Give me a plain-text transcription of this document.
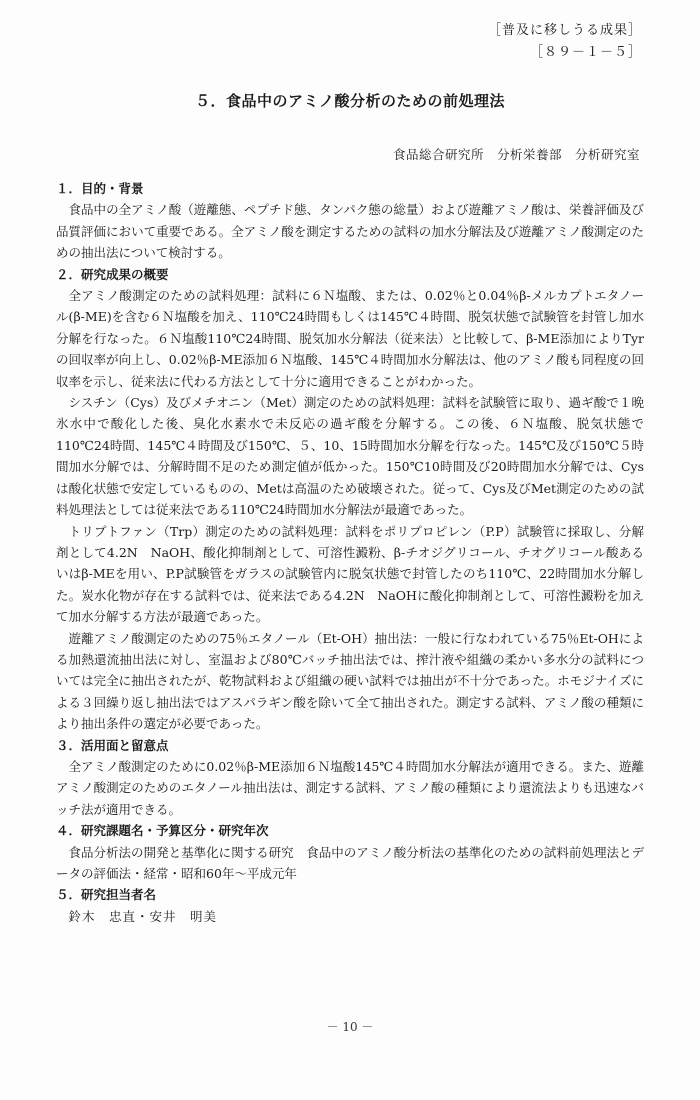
［普及に移しうる成果］
［８９－１－５］
５．食品中のアミノ酸分析のための前処理法
食品総合研究所　分析栄養部　分析研究室
１．目的・背景

食品中の全アミノ酸（遊離態、ペプチド態、タンパク態の総量）および遊離アミノ酸は、栄養評価及び品質評価において重要である。全アミノ酸を測定するための試料の加水分解法及び遊離アミノ酸測定のための抽出法について検討する。

２．研究成果の概要

全アミノ酸測定のための試料処理：試料に６Ｎ塩酸、または、0.02％と0.04％β-メルカプトエタノール(β-ME)を含む６Ｎ塩酸を加え、110℃24時間もしくは145℃４時間、脱気状態で試験管を封管し加水分解を行なった。６Ｎ塩酸110℃24時間、脱気加水分解法（従来法）と比較して、β-ME添加によりTyrの回収率が向上し、0.02％β-ME添加６Ｎ塩酸、145℃４時間加水分解法は、他のアミノ酸も同程度の回収率を示し、従来法に代わる方法として十分に適用できることがわかった。

シスチン（Cys）及びメチオニン（Met）測定のための試料処理：試料を試験管に取り、過ギ酸で１晩氷水中で酸化した後、臭化水素水で未反応の過ギ酸を分解する。この後、６Ｎ塩酸、脱気状態で110℃24時間、145℃４時間及び150℃、５、10、15時間加水分解を行なった。145℃及び150℃５時間加水分解では、分解時間不足のため測定値が低かった。150℃10時間及び20時間加水分解では、Cysは酸化状態で安定しているものの、Metは高温のため破壊された。従って、Cys及びMet測定のための試料処理法としては従来法である110℃24時間加水分解法が最適であった。

トリプトファン（Trp）測定のための試料処理：試料をポリプロピレン（P.P）試験管に採取し、分解剤として4.2N　NaOH、酸化抑制剤として、可溶性澱粉、β-チオジグリコール、チオグリコール酸あるいはβ-MEを用い、P.P試験管をガラスの試験管内に脱気状態で封管したのち110℃、22時間加水分解した。炭水化物が存在する試料では、従来法である4.2N　NaOHに酸化抑制剤として、可溶性澱粉を加えて加水分解する方法が最適であった。

遊離アミノ酸測定のための75％エタノール（Et-OH）抽出法：一般に行なわれている75％Et-OHによる加熱還流抽出法に対し、室温および80℃バッチ抽出法では、搾汁液や組織の柔かい多水分の試料については完全に抽出されたが、乾物試料および組織の硬い試料では抽出が不十分であった。ホモジナイズによる３回繰り返し抽出法ではアスパラギン酸を除いて全て抽出された。測定する試料、アミノ酸の種類により抽出条件の選定が必要であった。

３．活用面と留意点

全アミノ酸測定のために0.02％β-ME添加６Ｎ塩酸145℃４時間加水分解法が適用できる。また、遊離アミノ酸測定のためのエタノール抽出法は、測定する試料、アミノ酸の種類により還流法よりも迅速なバッチ法が適用できる。

４．研究課題名・予算区分・研究年次

食品分析法の開発と基準化に関する研究　食品中のアミノ酸分析法の基準化のための試料前処理法とデータの評価法・経常・昭和60年～平成元年

５．研究担当者名

鈴木　忠直・安井　明美

－ 10 －
